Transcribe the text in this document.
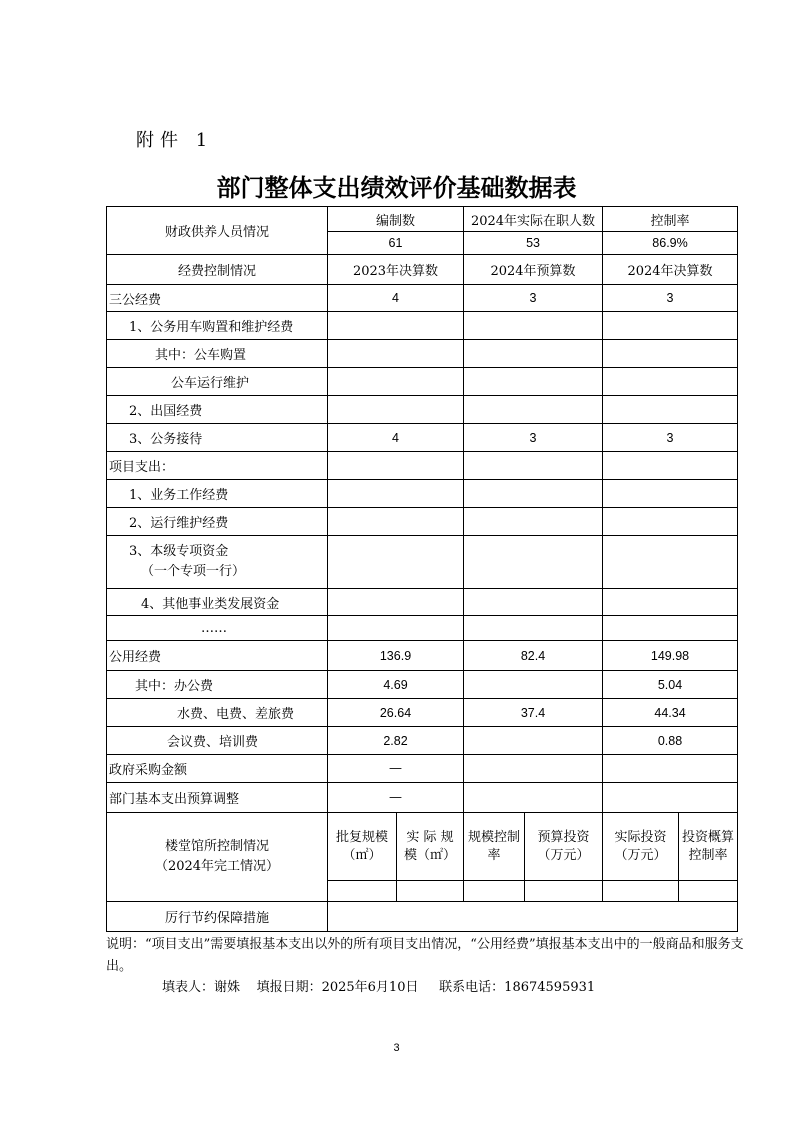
附件 1
部门整体支出绩效评价基础数据表
财政供养人员情况	编制数		2024年实际在职人数		控制率	
	61		53		86.9%	
经费控制情况	2023年决算数		2024年预算数		2024年决算数	
三公经费	4		3		3	
1、公务用车购置和维护经费						
其中：公车购置						
公车运行维护						
2、出国经费						
3、公务接待	4		3		3	
项目支出：						
1、业务工作经费						
2、运行维护经费						

3、本级专项资金
（一个专项一行）						

4、其他事业类发展资金						
……						
公用经费	136.9		82.4		149.98	
其中：办公费	4.69				5.04	
水费、电费、差旅费	26.64		37.4		44.34	
会议费、培训费	2.82				0.88	
政府采购金额	—					
部门基本支出预算调整	—					

楼堂馆所控制情况
（2024年完工情况）	批复规模（㎡）	实 际 规 模（㎡）	规模控制率	预算投资（万元）	实际投资（万元）	投资概算控制率

厉行节约保障措施						
说明：“项目支出”需要填报基本支出以外的所有项目支出情况，“公用经费”填报基本支出中的一般商品和服务支出。
填表人：谢姝 填报日期：2025年6月10日 联系电话：18674595931
3
